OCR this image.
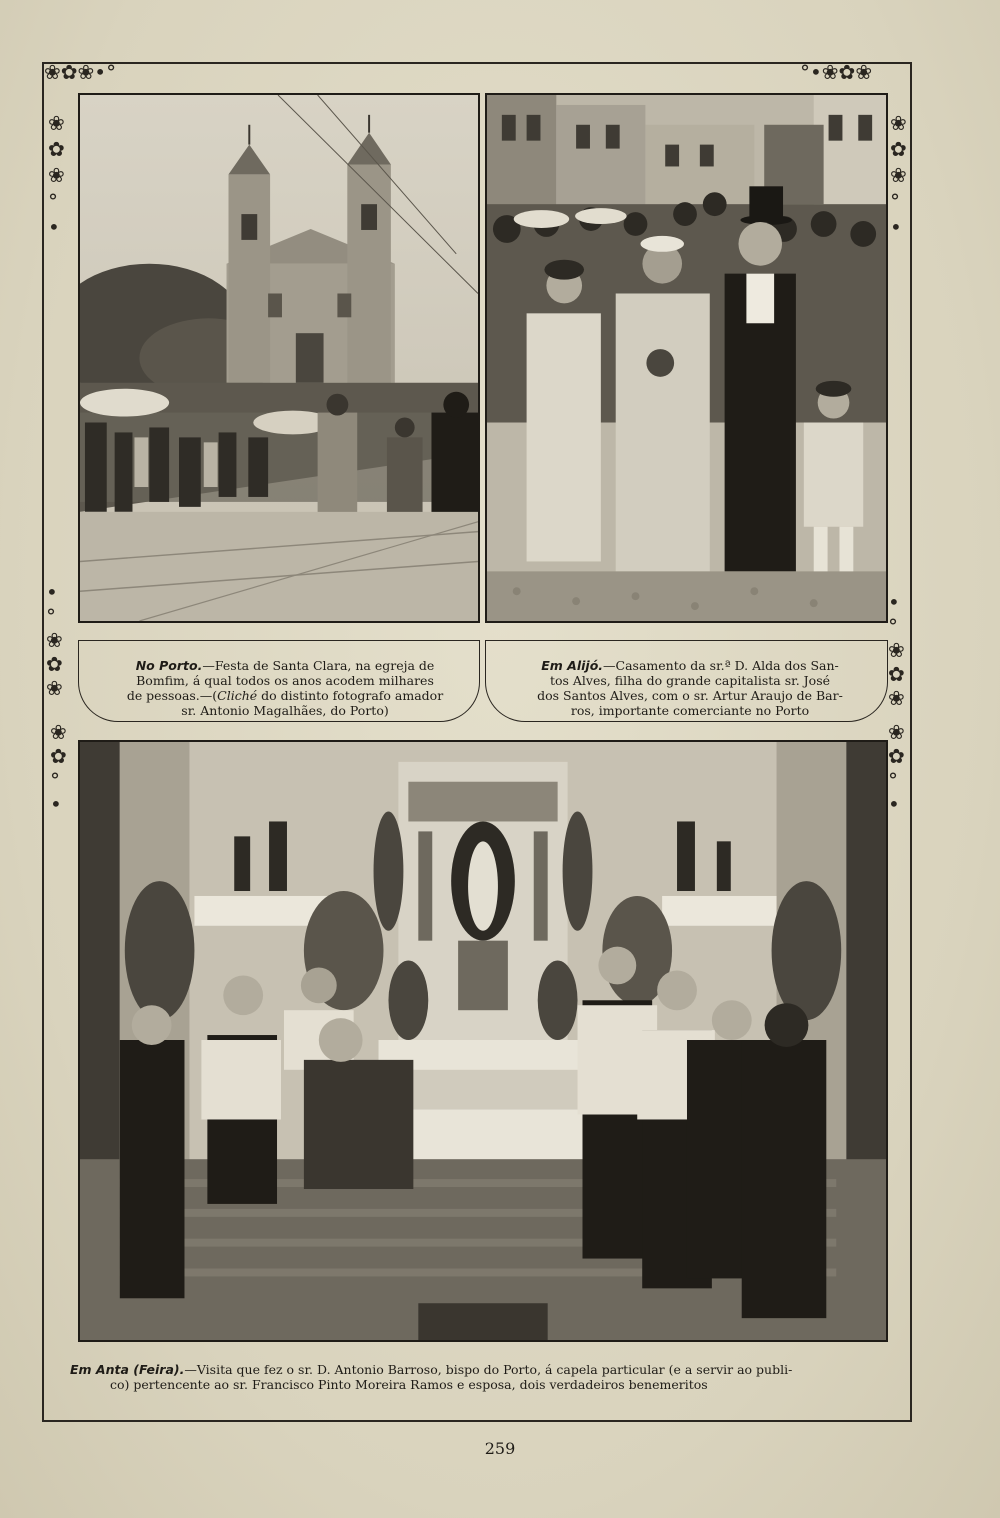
❀✿❀•°	°•❀✿❀
❀
✿
❀
°
•
❀
✿
❀
°
•
•
°
❀
✿
❀
•
°
❀
✿
❀
❀
✿
°
•
❀
✿
°
•
No Porto.—Festa de Santa Clara, na egreja de
Bomfim, á qual todos os anos acodem milhares
de pessoas.—(Cliché do distinto fotografo amador
sr. Antonio Magalhães, do Porto)
Em Alijó.—Casamento da sr.ª D. Alda dos San-
tos Alves, filha do grande capitalista sr. José
dos Santos Alves, com o sr. Artur Araujo de Bar-
ros, importante comerciante no Porto
Em Anta (Feira).—Visita que fez o sr. D. Antonio Barroso, bispo do Porto, á capela particular (e a servir ao publi-
co) pertencente ao sr. Francisco Pinto Moreira Ramos e esposa, dois verdadeiros benemeritos
259
